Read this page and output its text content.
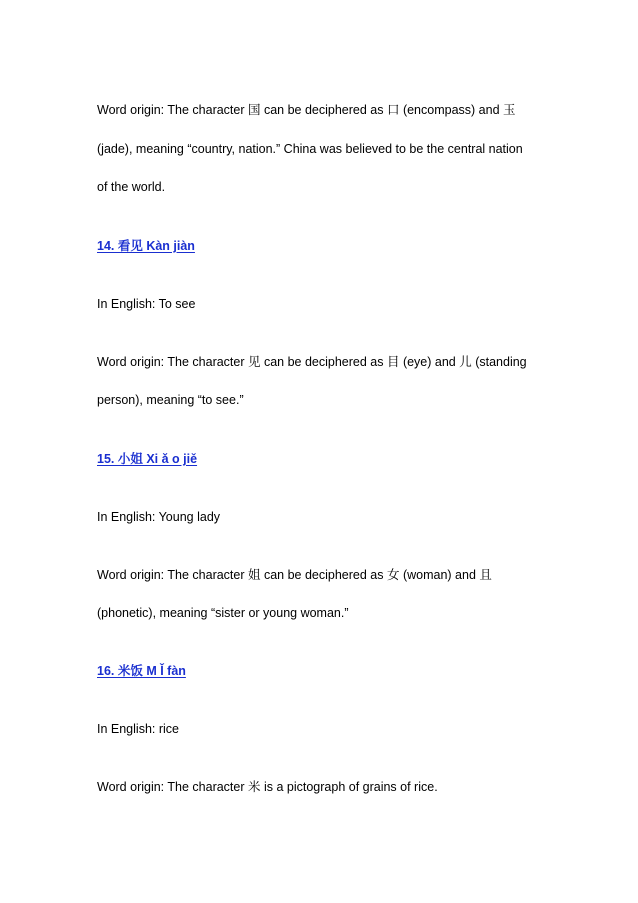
Word origin: The character 国 can be deciphered as 口 (encompass) and 玉
(jade), meaning “country, nation.” China was believed to be the central nation
of the world.
14. 看见 Kàn jiàn
In English: To see
Word origin: The character 见 can be deciphered as 目 (eye) and 儿 (standing
person), meaning “to see.”
15. 小姐 Xi ǎ o jiě
In English: Young lady
Word origin: The character 姐 can be deciphered as 女 (woman) and 且
(phonetic), meaning “sister or young woman.”
16. 米饭 M Ǐ fàn
In English: rice
Word origin: The character 米 is a pictograph of grains of rice.
